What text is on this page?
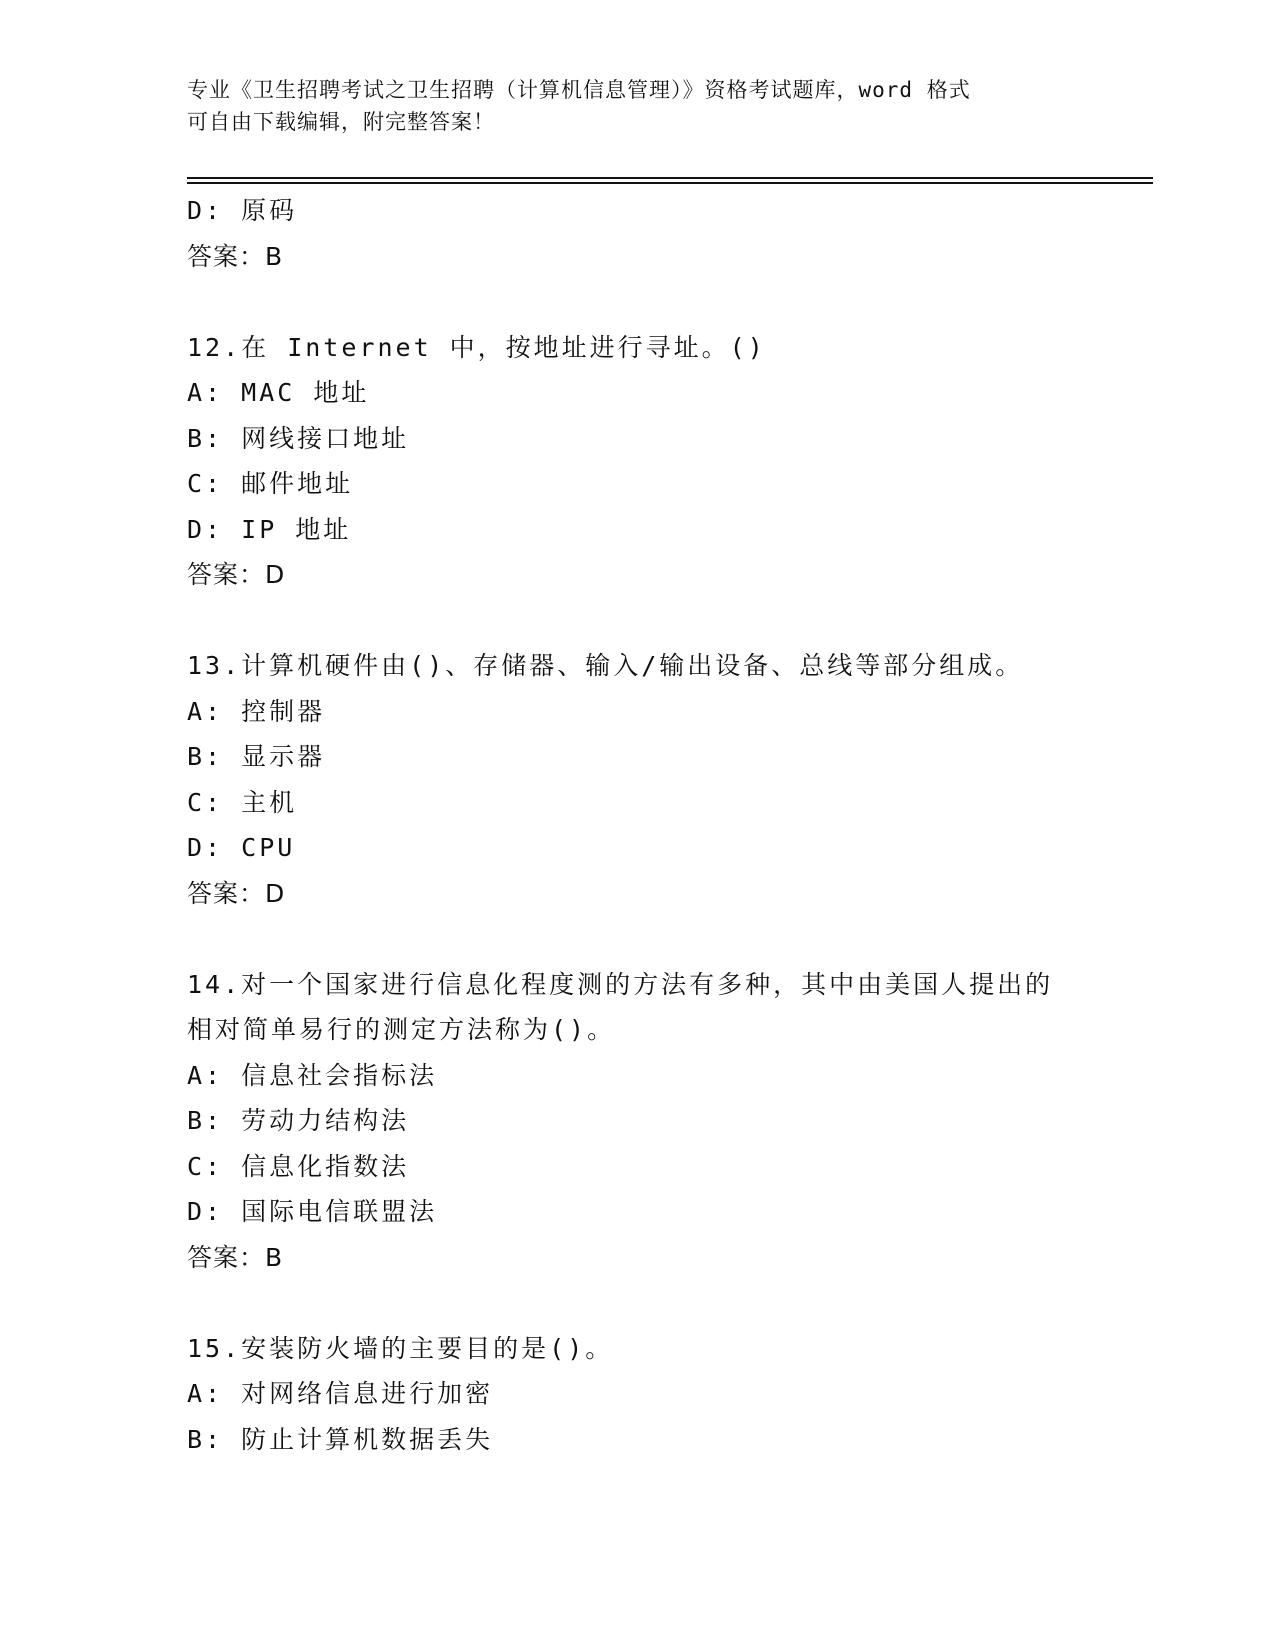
专业《卫生招聘考试之卫生招聘（计算机信息管理）》资格考试题库，word 格式
可自由下载编辑，附完整答案！
D: 原码
答案：B
12.在 Internet 中，按地址进行寻址。()
A: MAC 地址
B: 网线接口地址
C: 邮件地址
D: IP 地址
答案：D
13.计算机硬件由()、存储器、输入/输出设备、总线等部分组成。
A: 控制器
B: 显示器
C: 主机
D: CPU
答案：D
14.对一个国家进行信息化程度测的方法有多种，其中由美国人提出的
相对简单易行的测定方法称为()。
A: 信息社会指标法
B: 劳动力结构法
C: 信息化指数法
D: 国际电信联盟法
答案：B
15.安装防火墙的主要目的是()。
A: 对网络信息进行加密
B: 防止计算机数据丢失
